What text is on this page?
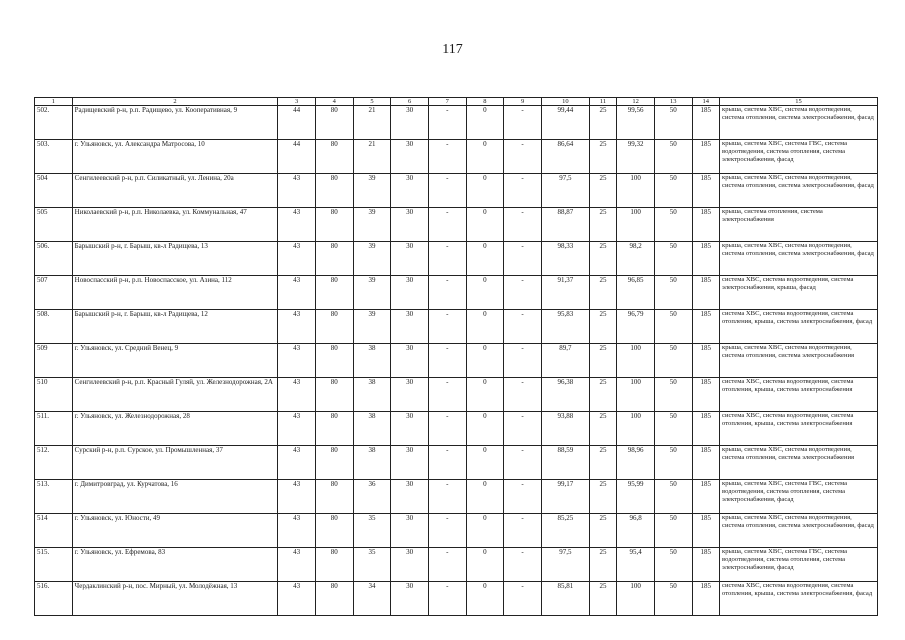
117
1	2	3	4	5	6	7	8	9	10	11	12	13	14	15
502.	Радищевский р-н, р.п. Радищево, ул. Кооперативная, 9	44	80	21	30	-	0	-	99,44	25	99,56	50	185	крыша, система ХВС, система водоотведения, система отопления, система электроснабжения, фасад
503.	г. Ульяновск, ул. Александра Матросова, 10	44	80	21	30	-	0	-	86,64	25	99,32	50	185	крыша, система ХВС, система ГВС, система водоотведения, система отопления, система электроснабжения, фасад
504	Сенгилеевский р-н, р.п. Силикатный, ул. Ленина, 20а	43	80	39	30	-	0	-	97,5	25	100	50	185	крыша, система ХВС, система водоотведения, система отопления, система электроснабжения, фасад
505	Николаевский р-н, р.п. Николаевка, ул. Коммунальная, 47	43	80	39	30	-	0	-	88,87	25	100	50	185	крыша, система отопления, система электроснабжения
506.	Барышский р-н, г. Барыш, кв-л Радищева, 13	43	80	39	30	-	0	-	98,33	25	98,2	50	185	крыша, система ХВС, система водоотведения, система отопления, система электроснабжения, фасад
507	Новоспасский р-н, р.п. Новоспасское, ул. Азина, 112	43	80	39	30	-	0	-	91,37	25	96,85	50	185	система ХВС, система водоотведения, система электроснабжения, крыша, фасад
508.	Барышский р-н, г. Барыш, кв-л Радищева, 12	43	80	39	30	-	0	-	95,83	25	96,79	50	185	система ХВС, система водоотведения, система отопления, крыша, система электроснабжения, фасад
509	г. Ульяновск, ул. Средний Венец, 9	43	80	38	30	-	0	-	89,7	25	100	50	185	крыша, система ХВС, система водоотведения, система отопления, система электроснабжения
510	Сенгилеевский р-н, р.п. Красный Гуляй, ул. Железнодорожная, 2А	43	80	38	30	-	0	-	96,38	25	100	50	185	система ХВС, система водоотведения, система отопления, крыша, система электроснабжения
511.	г. Ульяновск, ул. Железнодорожная, 28	43	80	38	30	-	0	-	93,88	25	100	50	185	система ХВС, система водоотведения, система отопления, крыша, система электроснабжения
512.	Сурский р-н, р.п. Сурское, ул. Промышленная, 37	43	80	38	30	-	0	-	88,59	25	98,96	50	185	крыша, система ХВС, система водоотведения, система отопления, система электроснабжения
513.	г. Димитровград, ул. Курчатова, 16	43	80	36	30	-	0	-	99,17	25	95,99	50	185	крыша, система ХВС, система ГВС, система водоотведения, система отопления, система электроснабжения, фасад
514	г. Ульяновск, ул. Юности, 49	43	80	35	30	-	0	-	85,25	25	96,8	50	185	крыша, система ХВС, система водоотведения, система отопления, система электроснабжения, фасад
515.	г. Ульяновск, ул. Ефремова, 83	43	80	35	30	-	0	-	97,5	25	95,4	50	185	крыша, система ХВС, система ГВС, система водоотведения, система отопления, система электроснабжения, фасад
516.	Чердаклинский р-н, пос. Мирный, ул. Молодёжная, 13	43	80	34	30	-	0	-	85,81	25	100	50	185	система ХВС, система водоотведения, система отопления, крыша, система электроснабжения, фасад
